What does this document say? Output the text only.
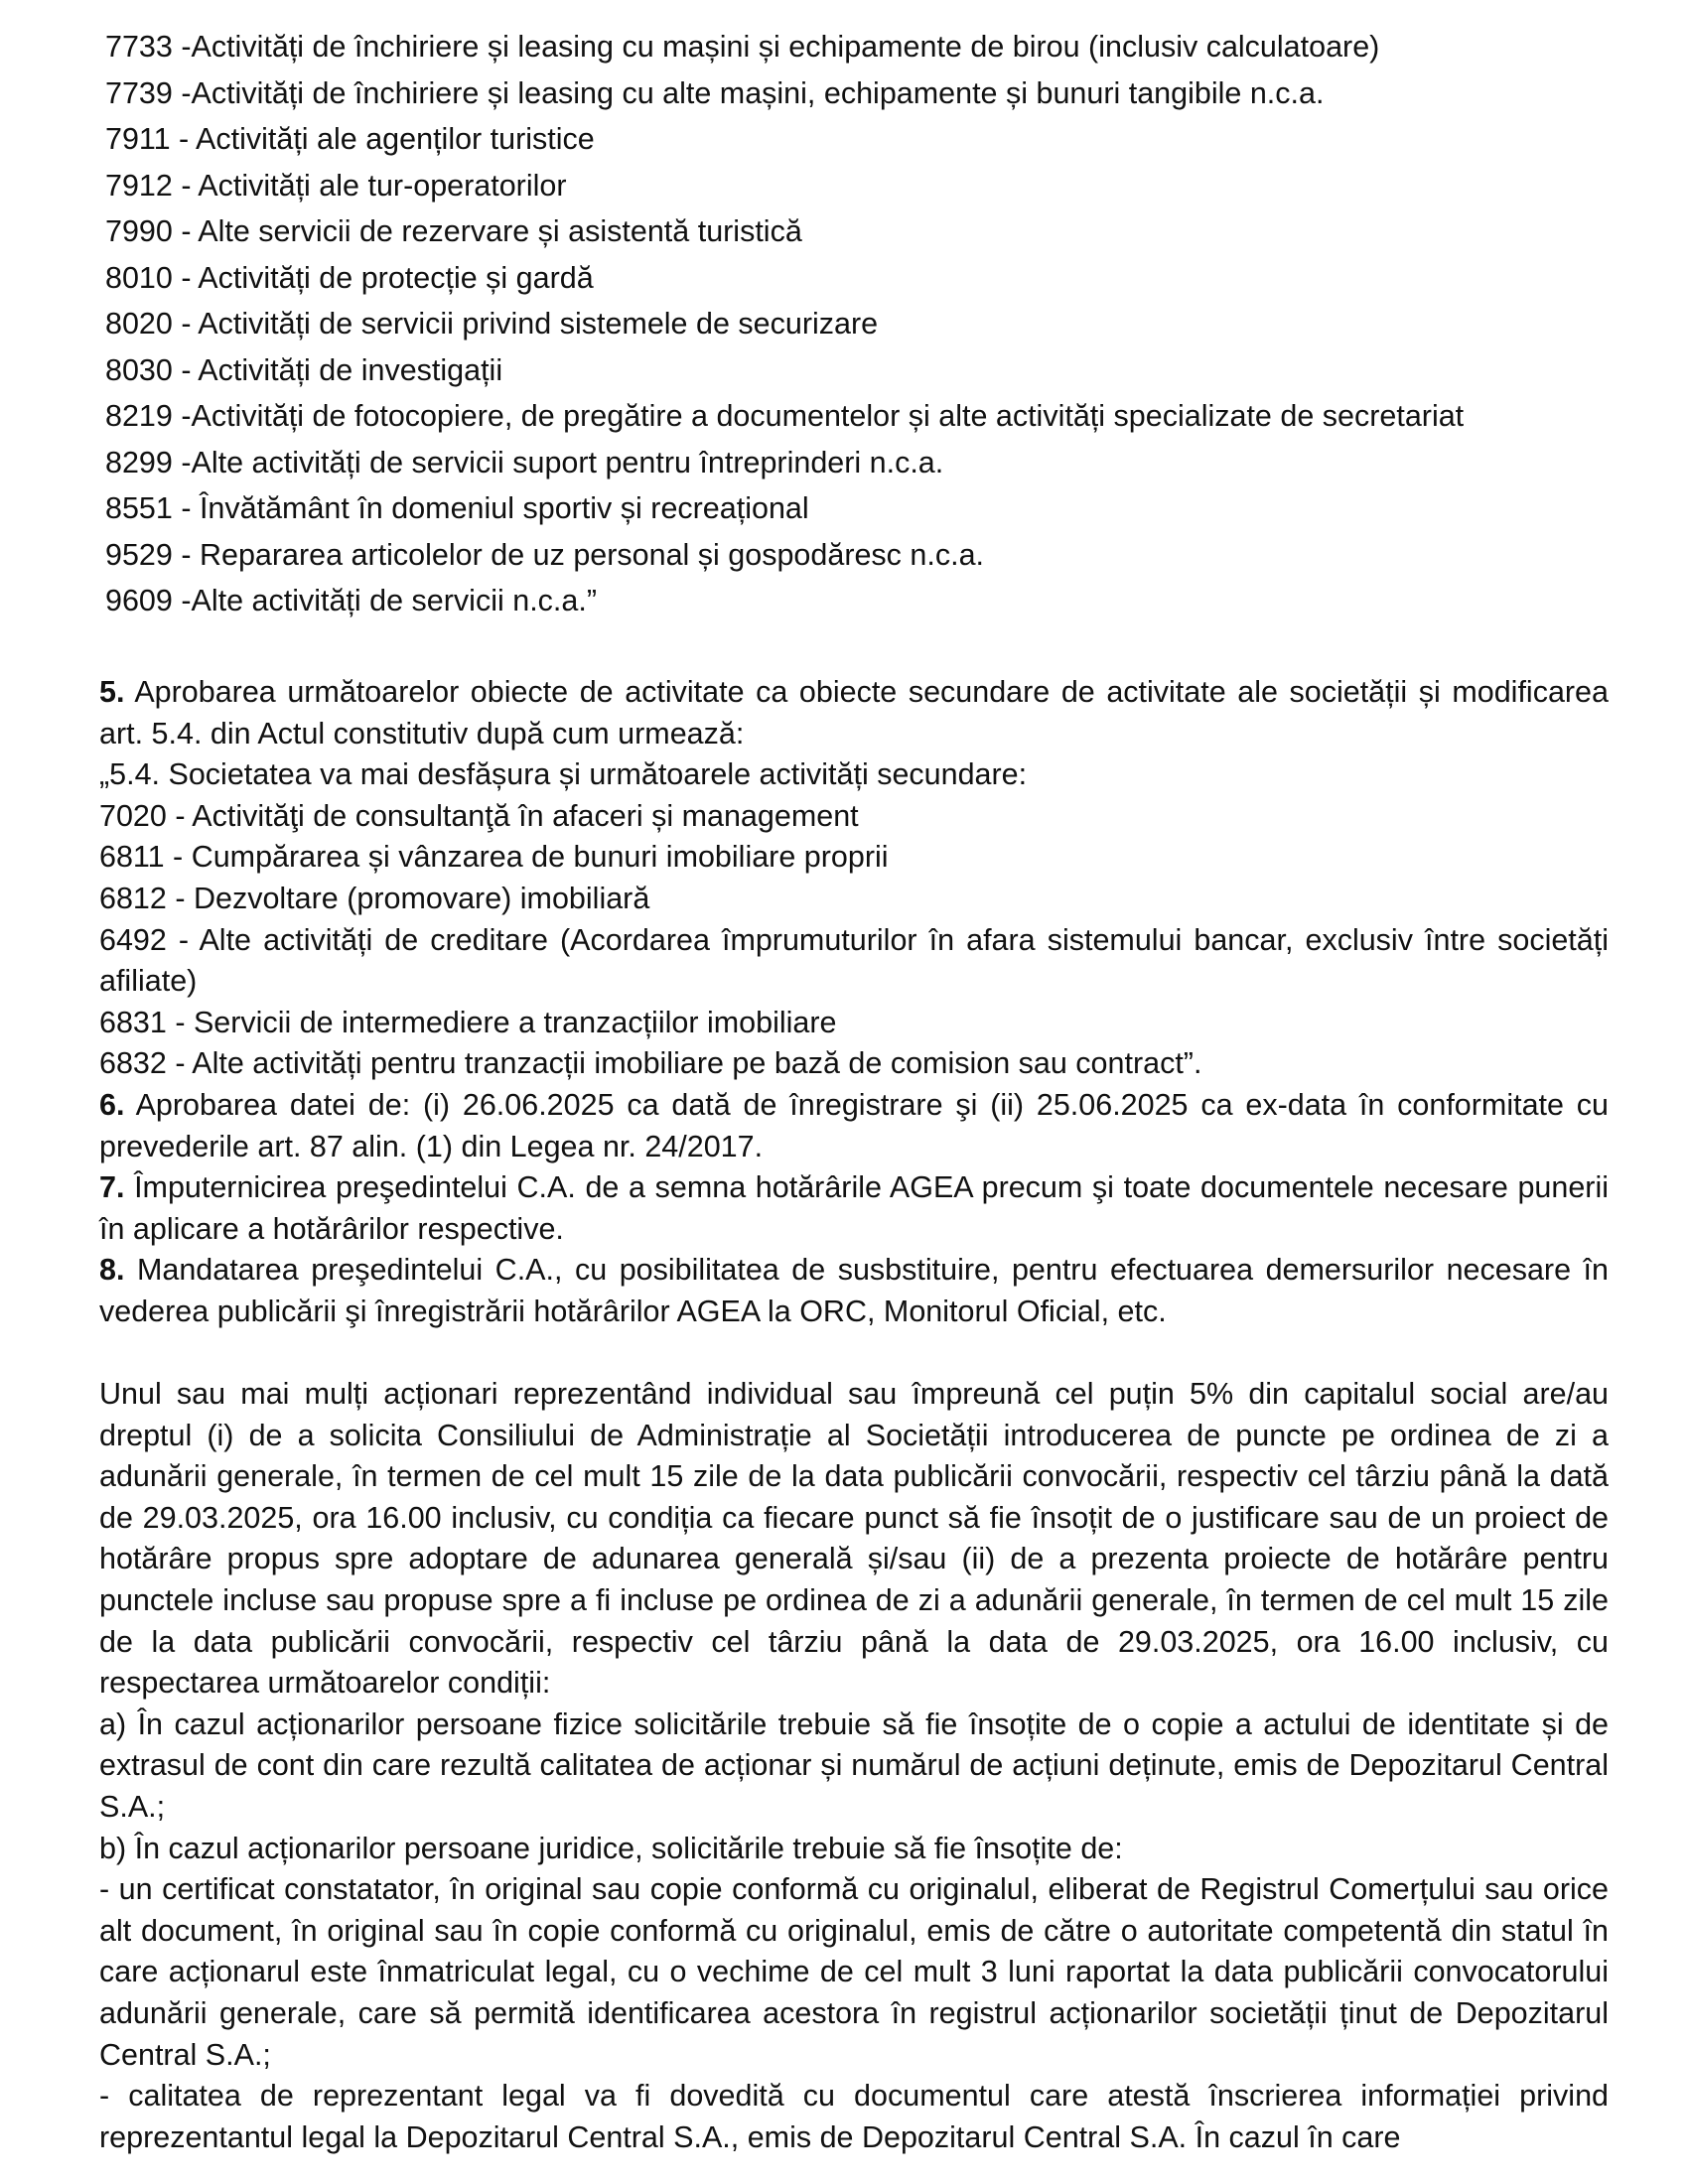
7733 -Activități de închiriere și leasing cu mașini și echipamente de birou (inclusiv calculatoare)
7739 -Activități de închiriere și leasing cu alte mașini, echipamente și bunuri tangibile n.c.a.
7911 - Activități ale agenților turistice
7912 - Activități ale tur-operatorilor
7990 - Alte servicii de rezervare și asistentă turistică
8010 - Activități de protecție și gardă
8020 - Activități de servicii privind sistemele de securizare
8030 - Activități de investigații
8219 -Activități de fotocopiere, de pregătire a documentelor și alte activități specializate de secretariat
8299 -Alte activități de servicii suport pentru întreprinderi n.c.a.
8551 - Învătământ în domeniul sportiv și recreațional
9529 - Repararea articolelor de uz personal și gospodăresc n.c.a.
9609 -Alte activități de servicii n.c.a.”

5. Aprobarea următoarelor obiecte de activitate ca obiecte secundare de activitate ale societății și modificarea art. 5.4. din Actul constitutiv după cum urmează:

„5.4. Societatea va mai desfășura și următoarele activități secundare:

7020 - Activităţi de consultanţă în afaceri și management

6811 - Cumpărarea și vânzarea de bunuri imobiliare proprii

6812 - Dezvoltare (promovare) imobiliară

6492 - Alte activități de creditare (Acordarea împrumuturilor în afara sistemului bancar, exclusiv între societăți afiliate)

6831 - Servicii de intermediere a tranzacțiilor imobiliare

6832 - Alte activități pentru tranzacții imobiliare pe bază de comision sau contract”.

6. Aprobarea datei de: (i) 26.06.2025 ca dată de înregistrare şi (ii) 25.06.2025 ca ex-data în conformitate cu prevederile art. 87 alin. (1) din Legea nr. 24/2017.

7. Împuternicirea preşedintelui C.A. de a semna hotărârile AGEA precum şi toate documentele necesare punerii în aplicare a hotărârilor respective.

8. Mandatarea preşedintelui C.A., cu posibilitatea de susbstituire, pentru efectuarea demersurilor necesare în vederea publicării şi înregistrării hotărârilor AGEA la ORC, Monitorul Oficial, etc.

Unul sau mai mulți acționari reprezentând individual sau împreună cel puțin 5% din capitalul social are/au dreptul (i) de a solicita Consiliului de Administrație al Societății introducerea de puncte pe ordinea de zi a adunării generale, în termen de cel mult 15 zile de la data publicării convocării, respectiv cel târziu până la dată de 29.03.2025, ora 16.00 inclusiv, cu condiția ca fiecare punct să fie însoțit de o justificare sau de un proiect de hotărâre propus spre adoptare de adunarea generală și/sau (ii) de a prezenta proiecte de hotărâre pentru punctele incluse sau propuse spre a fi incluse pe ordinea de zi a adunării generale, în termen de cel mult 15 zile de la data publicării convocării, respectiv cel târziu până la data de 29.03.2025, ora 16.00 inclusiv, cu respectarea următoarelor condiții:

a) În cazul acționarilor persoane fizice solicitările trebuie să fie însoțite de o copie a actului de identitate și de extrasul de cont din care rezultă calitatea de acționar și numărul de acțiuni deținute, emis de Depozitarul Central S.A.;

b) În cazul acționarilor persoane juridice, solicitările trebuie să fie însoțite de:

- un certificat constatator, în original sau copie conformă cu originalul, eliberat de Registrul Comerțului sau orice alt document, în original sau în copie conformă cu originalul, emis de către o autoritate competentă din statul în care acționarul este înmatriculat legal, cu o vechime de cel mult 3 luni raportat la data publicării convocatorului adunării generale, care să permită identificarea acestora în registrul acționarilor societății ținut de Depozitarul Central S.A.;

- calitatea de reprezentant legal va fi dovedită cu documentul care atestă înscrierea informației privind reprezentantul legal la Depozitarul Central S.A., emis de Depozitarul Central S.A. În cazul în care
